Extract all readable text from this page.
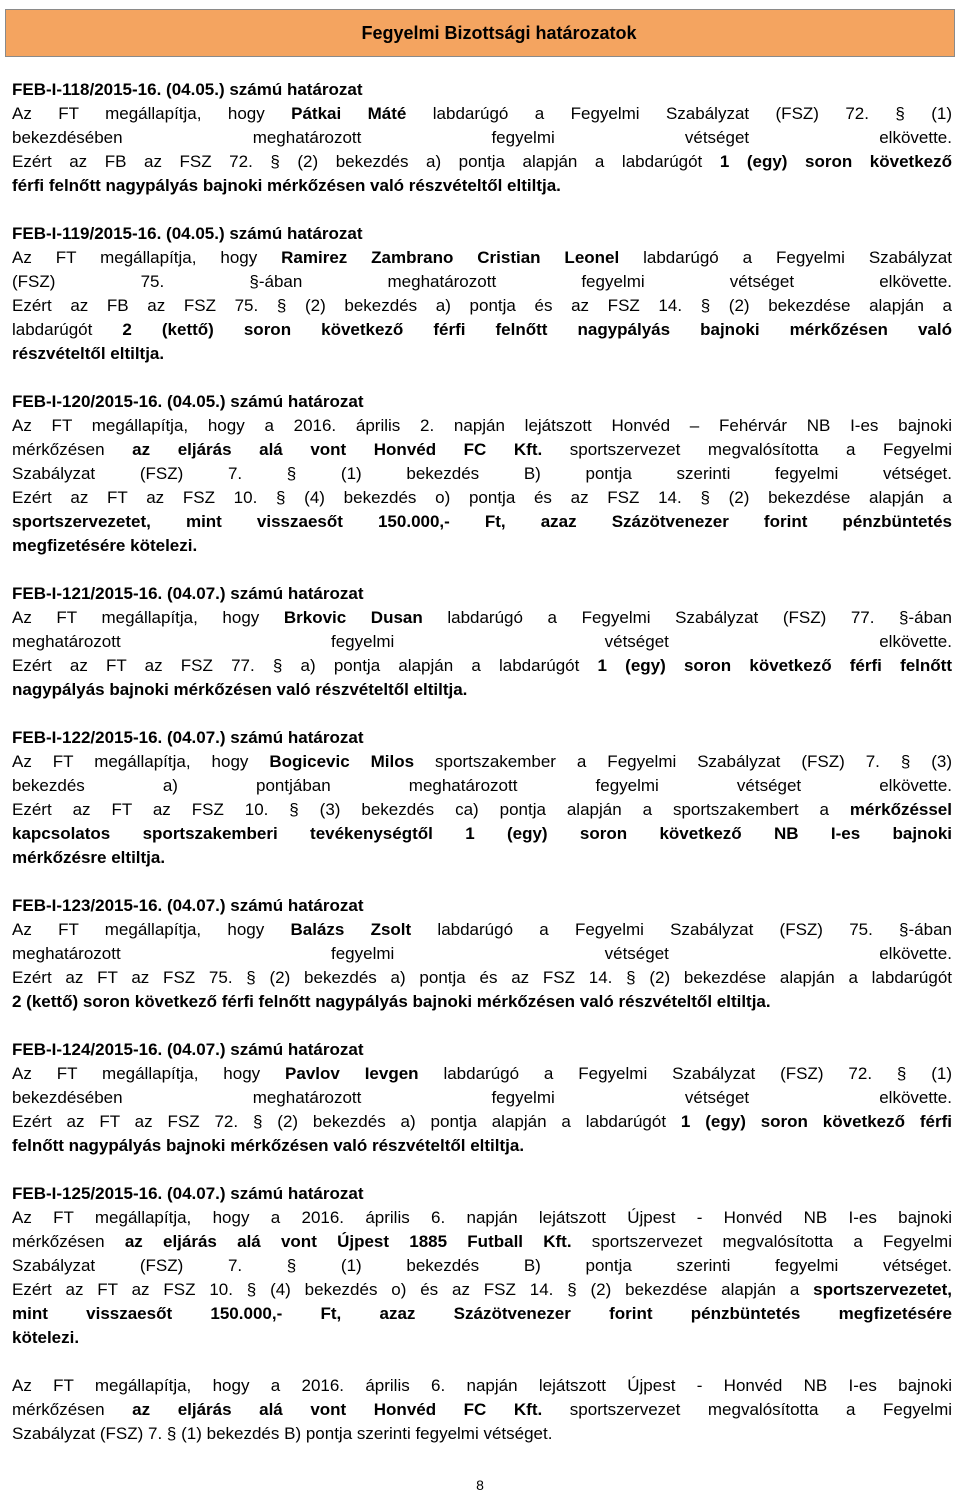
Fegyelmi Bizottsági határozatok
FEB-I-118/2015-16. (04.05.) számú határozat
Az FT megállapítja, hogy Pátkai Máté labdarúgó a Fegyelmi Szabályzat (FSZ) 72. § (1)
bekezdésében meghatározott fegyelmi vétséget elkövette.
Ezért az FB az FSZ 72. § (2) bekezdés a) pontja alapján a labdarúgót 1 (egy) soron következő
férfi felnőtt nagypályás bajnoki mérkőzésen való részvételtől eltiltja.
FEB-I-119/2015-16. (04.05.) számú határozat
Az FT megállapítja, hogy Ramirez Zambrano Cristian Leonel labdarúgó a Fegyelmi Szabályzat
(FSZ) 75. §-ában meghatározott fegyelmi vétséget elkövette.
Ezért az FB az FSZ 75. § (2) bekezdés a) pontja és az FSZ 14. § (2) bekezdése alapján a
labdarúgót 2 (kettő) soron következő férfi felnőtt nagypályás bajnoki mérkőzésen való
részvételtől eltiltja.
FEB-I-120/2015-16. (04.05.) számú határozat
Az FT megállapítja, hogy a 2016. április 2. napján lejátszott Honvéd – Fehérvár NB I-es bajnoki
mérkőzésen az eljárás alá vont Honvéd FC Kft. sportszervezet megvalósította a Fegyelmi
Szabályzat (FSZ) 7. § (1) bekezdés B) pontja szerinti fegyelmi vétséget.
Ezért az FT az FSZ 10. § (4) bekezdés o) pontja és az FSZ 14. § (2) bekezdése alapján a
sportszervezetet, mint visszaesőt 150.000,- Ft, azaz Százötvenezer forint pénzbüntetés
megfizetésére kötelezi.
FEB-I-121/2015-16. (04.07.) számú határozat
Az FT megállapítja, hogy Brkovic Dusan labdarúgó a Fegyelmi Szabályzat (FSZ) 77. §-ában
meghatározott fegyelmi vétséget elkövette.
Ezért az FT az FSZ 77. § a) pontja alapján a labdarúgót 1 (egy) soron következő férfi felnőtt
nagypályás bajnoki mérkőzésen való részvételtől eltiltja.
FEB-I-122/2015-16. (04.07.) számú határozat
Az FT megállapítja, hogy Bogicevic Milos sportszakember a Fegyelmi Szabályzat (FSZ) 7. § (3)
bekezdés a) pontjában meghatározott fegyelmi vétséget elkövette.
Ezért az FT az FSZ 10. § (3) bekezdés ca) pontja alapján a sportszakembert a mérkőzéssel
kapcsolatos sportszakemberi tevékenységtől 1 (egy) soron következő NB I-es bajnoki
mérkőzésre eltiltja.
FEB-I-123/2015-16. (04.07.) számú határozat
Az FT megállapítja, hogy Balázs Zsolt labdarúgó a Fegyelmi Szabályzat (FSZ) 75. §-ában
meghatározott fegyelmi vétséget elkövette.
Ezért az FT az FSZ 75. § (2) bekezdés a) pontja és az FSZ 14. § (2) bekezdése alapján a labdarúgót
2 (kettő) soron következő férfi felnőtt nagypályás bajnoki mérkőzésen való részvételtől eltiltja.
FEB-I-124/2015-16. (04.07.) számú határozat
Az FT megállapítja, hogy Pavlov Ievgen labdarúgó a Fegyelmi Szabályzat (FSZ) 72. § (1)
bekezdésében meghatározott fegyelmi vétséget elkövette.
Ezért az FT az FSZ 72. § (2) bekezdés a) pontja alapján a labdarúgót 1 (egy) soron következő férfi
felnőtt nagypályás bajnoki mérkőzésen való részvételtől eltiltja.
FEB-I-125/2015-16. (04.07.) számú határozat
Az FT megállapítja, hogy a 2016. április 6. napján lejátszott Újpest - Honvéd NB I-es bajnoki
mérkőzésen az eljárás alá vont Újpest 1885 Futball Kft. sportszervezet megvalósította a Fegyelmi
Szabályzat (FSZ) 7. § (1) bekezdés B) pontja szerinti fegyelmi vétséget.
Ezért az FT az FSZ 10. § (4) bekezdés o) és az FSZ 14. § (2) bekezdése alapján a sportszervezetet,
mint visszaesőt 150.000,- Ft, azaz Százötvenezer forint pénzbüntetés megfizetésére
kötelezi.
Az FT megállapítja, hogy a 2016. április 6. napján lejátszott Újpest - Honvéd NB I-es bajnoki
mérkőzésen az eljárás alá vont Honvéd FC Kft. sportszervezet megvalósította a Fegyelmi
Szabályzat (FSZ) 7. § (1) bekezdés B) pontja szerinti fegyelmi vétséget.
8
